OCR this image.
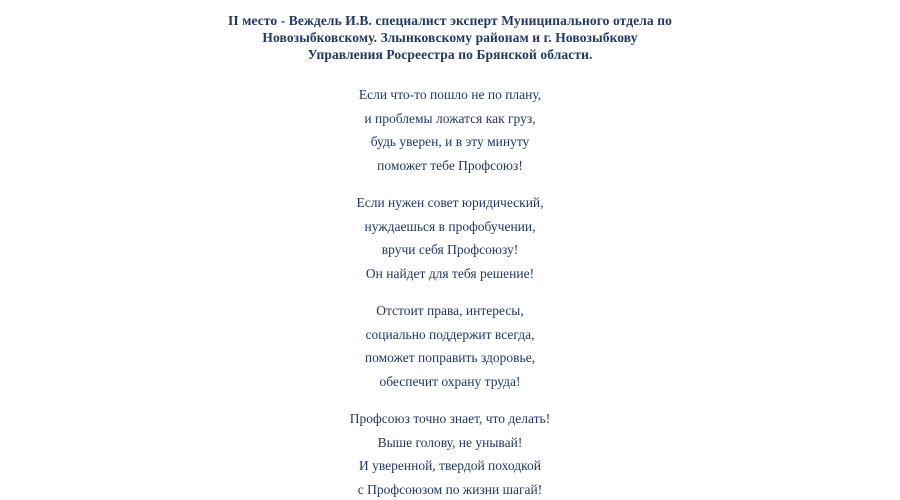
II место - Веждель И.В. специалист эксперт Муниципального отдела по
Новозыбковскому. Злынковскому районам и г. Новозыбкову
Управления Росреестра по Брянской области.
Если что-то пошло не по плану,
и проблемы ложатся как груз,
будь уверен, и в эту минуту
поможет тебе Профсоюз!
Если нужен совет юридический,
нуждаешься в профобучении,
вручи себя Профсоюзу!
Он найдет для тебя решение!
Отстоит права, интересы,
социально поддержит всегда,
поможет поправить здоровье,
обеспечит охрану труда!
Профсоюз точно знает, что делать!
Выше голову, не унывай!
И уверенной, твердой походкой
с Профсоюзом по жизни шагай!
